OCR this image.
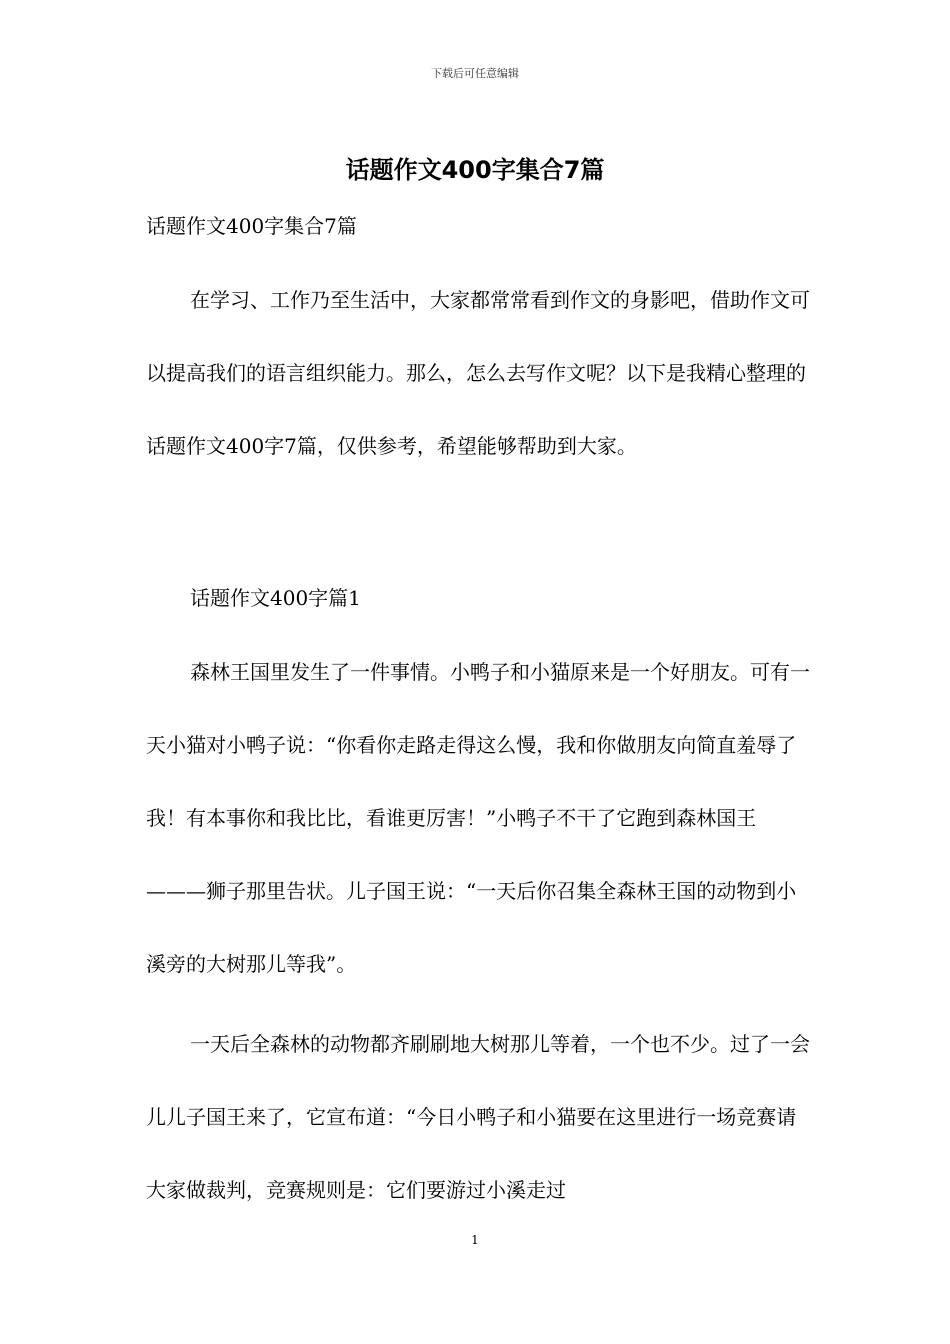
下载后可任意编辑
话题作文400字集合7篇

话题作文400字集合7篇

在学习、工作乃至生活中，大家都常常看到作文的身影吧，借助作文可以提高我们的语言组织能力。那么，怎么去写作文呢？以下是我精心整理的话题作文400字7篇，仅供参考，希望能够帮助到大家。

话题作文400字篇1

森林王国里发生了一件事情。小鸭子和小猫原来是一个好朋友。可有一天小猫对小鸭子说：“你看你走路走得这么慢，我和你做朋友向简直羞辱了我！有本事你和我比比，看谁更厉害！”小鸭子不干了它跑到森林国王———狮子那里告状。儿子国王说：“一天后你召集全森林王国的动物到小溪旁的大树那儿等我”。

一天后全森林的动物都齐刷刷地大树那儿等着，一个也不少。过了一会儿儿子国王来了，它宣布道：“今日小鸭子和小猫要在这里进行一场竞赛请大家做裁判，竞赛规则是：它们要游过小溪走过

1
